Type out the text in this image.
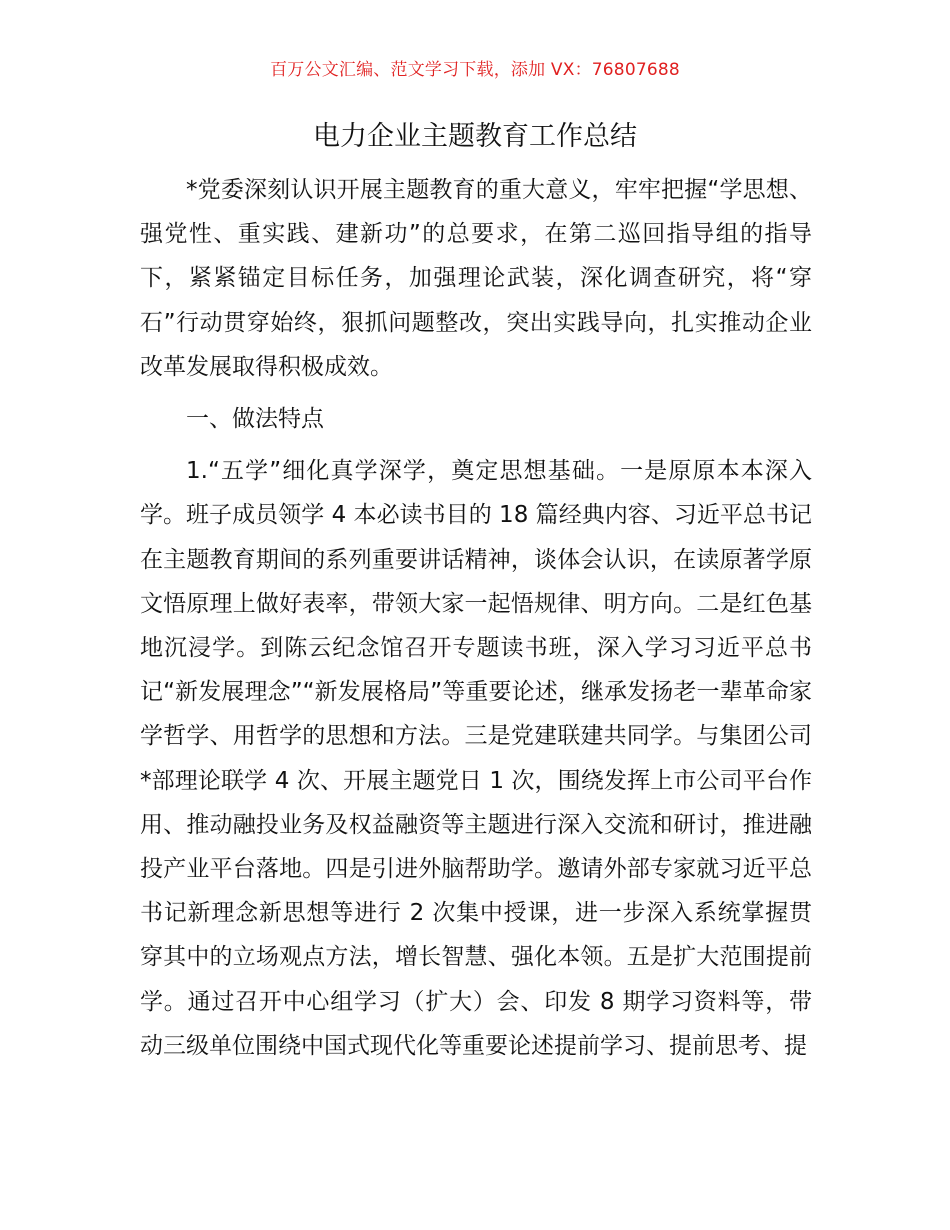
百万公文汇编、范文学习下载，添加 VX：76807688
电力企业主题教育工作总结

*党委深刻认识开展主题教育的重大意义，牢牢把握“学思想、强党性、重实践、建新功”的总要求，在第二巡回指导组的指导下，紧紧锚定目标任务，加强理论武装，深化调查研究，将“穿石”行动贯穿始终，狠抓问题整改，突出实践导向，扎实推动企业改革发展取得积极成效。

一、做法特点

1.“五学”细化真学深学，奠定思想基础。一是原原本本深入学。班子成员领学 4 本必读书目的 18 篇经典内容、习近平总书记在主题教育期间的系列重要讲话精神，谈体会认识，在读原著学原文悟原理上做好表率，带领大家一起悟规律、明方向。二是红色基地沉浸学。到陈云纪念馆召开专题读书班，深入学习习近平总书记“新发展理念”“新发展格局”等重要论述，继承发扬老一辈革命家学哲学、用哲学的思想和方法。三是党建联建共同学。与集团公司*部理论联学 4 次、开展主题党日 1 次，围绕发挥上市公司平台作用、推动融投业务及权益融资等主题进行深入交流和研讨，推进融投产业平台落地。四是引进外脑帮助学。邀请外部专家就习近平总书记新理念新思想等进行 2 次集中授课，进一步深入系统掌握贯穿其中的立场观点方法，增长智慧、强化本领。五是扩大范围提前学。通过召开中心组学习（扩大）会、印发 8 期学习资料等，带动三级单位围绕中国式现代化等重要论述提前学习、提前思考、提
